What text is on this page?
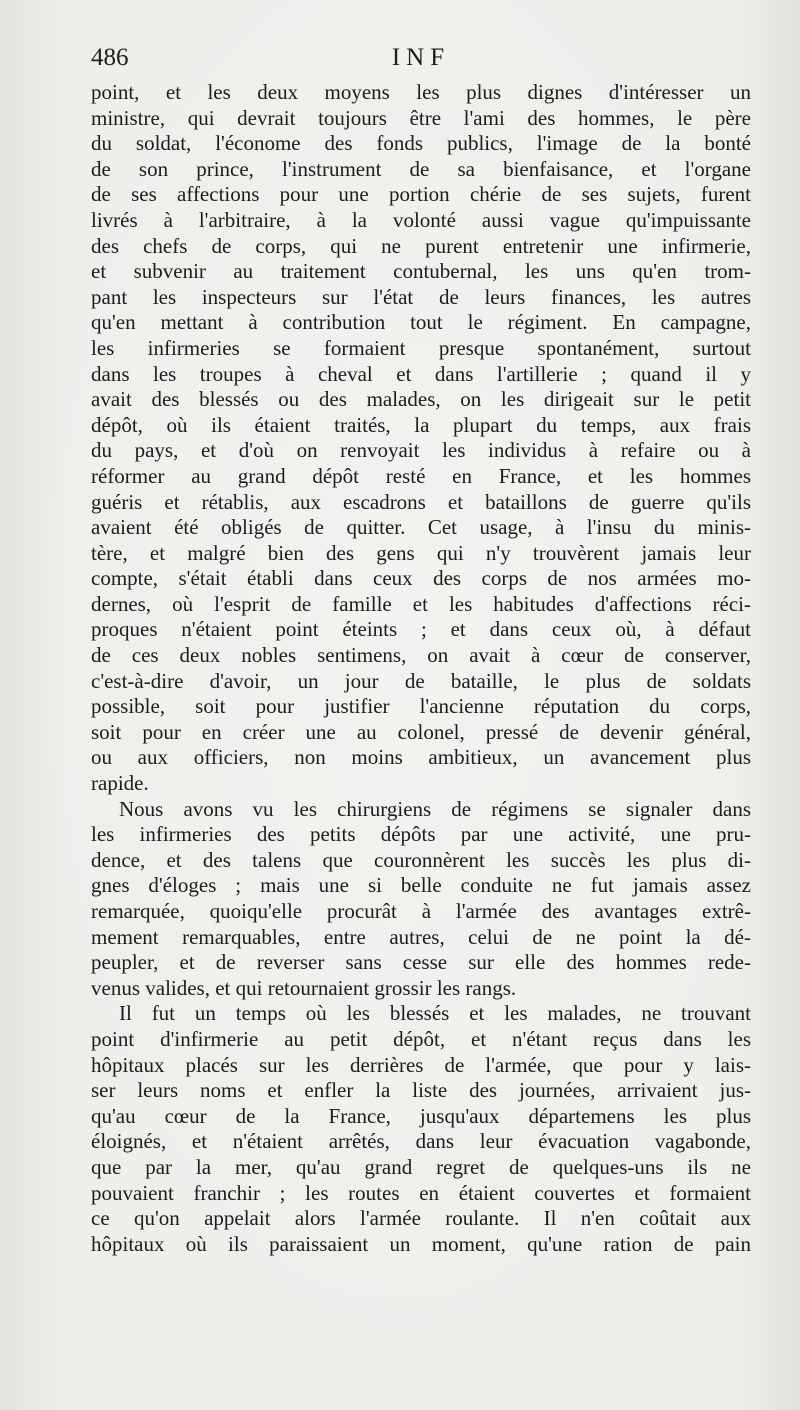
486	INF
point, et les deux moyens les plus dignes d'intéresser un
ministre, qui devrait toujours être l'ami des hommes, le père
du soldat, l'économe des fonds publics, l'image de la bonté
de son prince, l'instrument de sa bienfaisance, et l'organe
de ses affections pour une portion chérie de ses sujets, furent
livrés à l'arbitraire, à la volonté aussi vague qu'impuissante
des chefs de corps, qui ne purent entretenir une infirmerie,
et subvenir au traitement contubernal, les uns qu'en trom-
pant les inspecteurs sur l'état de leurs finances, les autres
qu'en mettant à contribution tout le régiment. En campagne,
les infirmeries se formaient presque spontanément, surtout
dans les troupes à cheval et dans l'artillerie ; quand il y
avait des blessés ou des malades, on les dirigeait sur le petit
dépôt, où ils étaient traités, la plupart du temps, aux frais
du pays, et d'où on renvoyait les individus à refaire ou à
réformer au grand dépôt resté en France, et les hommes
guéris et rétablis, aux escadrons et bataillons de guerre qu'ils
avaient été obligés de quitter. Cet usage, à l'insu du minis-
tère, et malgré bien des gens qui n'y trouvèrent jamais leur
compte, s'était établi dans ceux des corps de nos armées mo-
dernes, où l'esprit de famille et les habitudes d'affections réci-
proques n'étaient point éteints ; et dans ceux où, à défaut
de ces deux nobles sentimens, on avait à cœur de conserver,
c'est-à-dire d'avoir, un jour de bataille, le plus de soldats
possible, soit pour justifier l'ancienne réputation du corps,
soit pour en créer une au colonel, pressé de devenir général,
ou aux officiers, non moins ambitieux, un avancement plus
rapide.
Nous avons vu les chirurgiens de régimens se signaler dans
les infirmeries des petits dépôts par une activité, une pru-
dence, et des talens que couronnèrent les succès les plus di-
gnes d'éloges ; mais une si belle conduite ne fut jamais assez
remarquée, quoiqu'elle procurât à l'armée des avantages extrê-
mement remarquables, entre autres, celui de ne point la dé-
peupler, et de reverser sans cesse sur elle des hommes rede-
venus valides, et qui retournaient grossir les rangs.
Il fut un temps où les blessés et les malades, ne trouvant
point d'infirmerie au petit dépôt, et n'étant reçus dans les
hôpitaux placés sur les derrières de l'armée, que pour y lais-
ser leurs noms et enfler la liste des journées, arrivaient jus-
qu'au cœur de la France, jusqu'aux départemens les plus
éloignés, et n'étaient arrêtés, dans leur évacuation vagabonde,
que par la mer, qu'au grand regret de quelques-uns ils ne
pouvaient franchir ; les routes en étaient couvertes et formaient
ce qu'on appelait alors l'armée roulante. Il n'en coûtait aux
hôpitaux où ils paraissaient un moment, qu'une ration de pain
